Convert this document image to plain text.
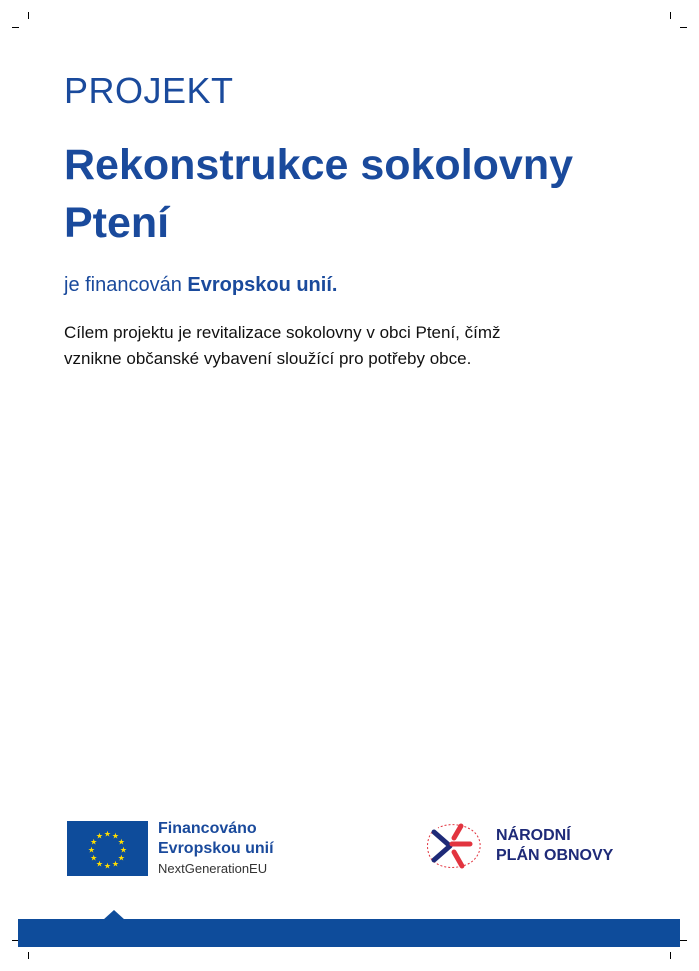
PROJEKT
Rekonstrukce sokolovny Ptení
je financován Evropskou unií.
Cílem projektu je revitalizace sokolovny v obci Ptení, čímž
vznikne občanské vybavení sloužící pro potřeby obce.
★ ★
★
★
★
★
★
★
★
★
★
★	Financováno
Evropskou unií
NextGenerationEU
NÁRODNÍ
PLÁN OBNOVY
